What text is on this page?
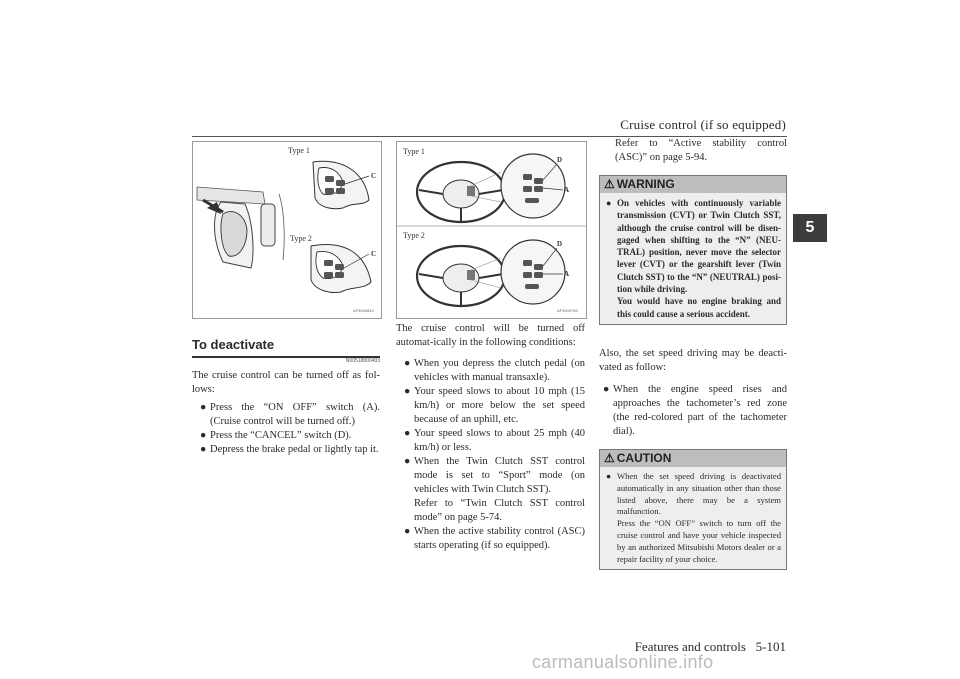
Cruise control (if so equipped)
5
Type 1
C
Type 2
C
AF3000844
Type 1
D
A
Type 2
D
A
AF3000769
To deactivate
N00518800493
The cruise control can be turned off as fol-lows:
● Press the “ON OFF” switch (A). (Cruise control will be turned off.)
● Press the “CANCEL” switch (D).
● Depress the brake pedal or lightly tap it.
The cruise control will be turned off automat-ically in the following conditions:
● When you depress the clutch pedal (on vehicles with manual transaxle).
● Your speed slows to about 10 mph (15 km/h) or more below the set speed because of an uphill, etc.
● Your speed slows to about 25 mph (40 km/h) or less.
● When the Twin Clutch SST control mode is set to “Sport” mode (on vehicles with Twin Clutch SST).
Refer to “Twin Clutch SST control mode” on page 5-74.
● When the active stability control (ASC) starts operating (if so equipped).
Refer to “Active stability control (ASC)” on page 5-94.
⚠ WARNING
● On vehicles with continuously variable transmission (CVT) or Twin Clutch SST, although the cruise control will be disen-gaged when shifting to the “N” (NEU-TRAL) position, never move the selector lever (CVT) or the gearshift lever (Twin Clutch SST) to the “N” (NEUTRAL) posi-tion while driving.
You would have no engine braking and this could cause a serious accident.
Also, the set speed driving may be deacti-vated as follow:
● When the engine speed rises and approaches the tachometer’s red zone (the red-colored part of the tachometer dial).
⚠ CAUTION
● When the set speed driving is deactivated automatically in any situation other than those listed above, there may be a system malfunction.
Press the “ON OFF” switch to turn off the cruise control and have your vehicle inspected by an authorized Mitsubishi Motors dealer or a repair facility of your choice.
Features and controls 5-101
carmanualsonline.info
